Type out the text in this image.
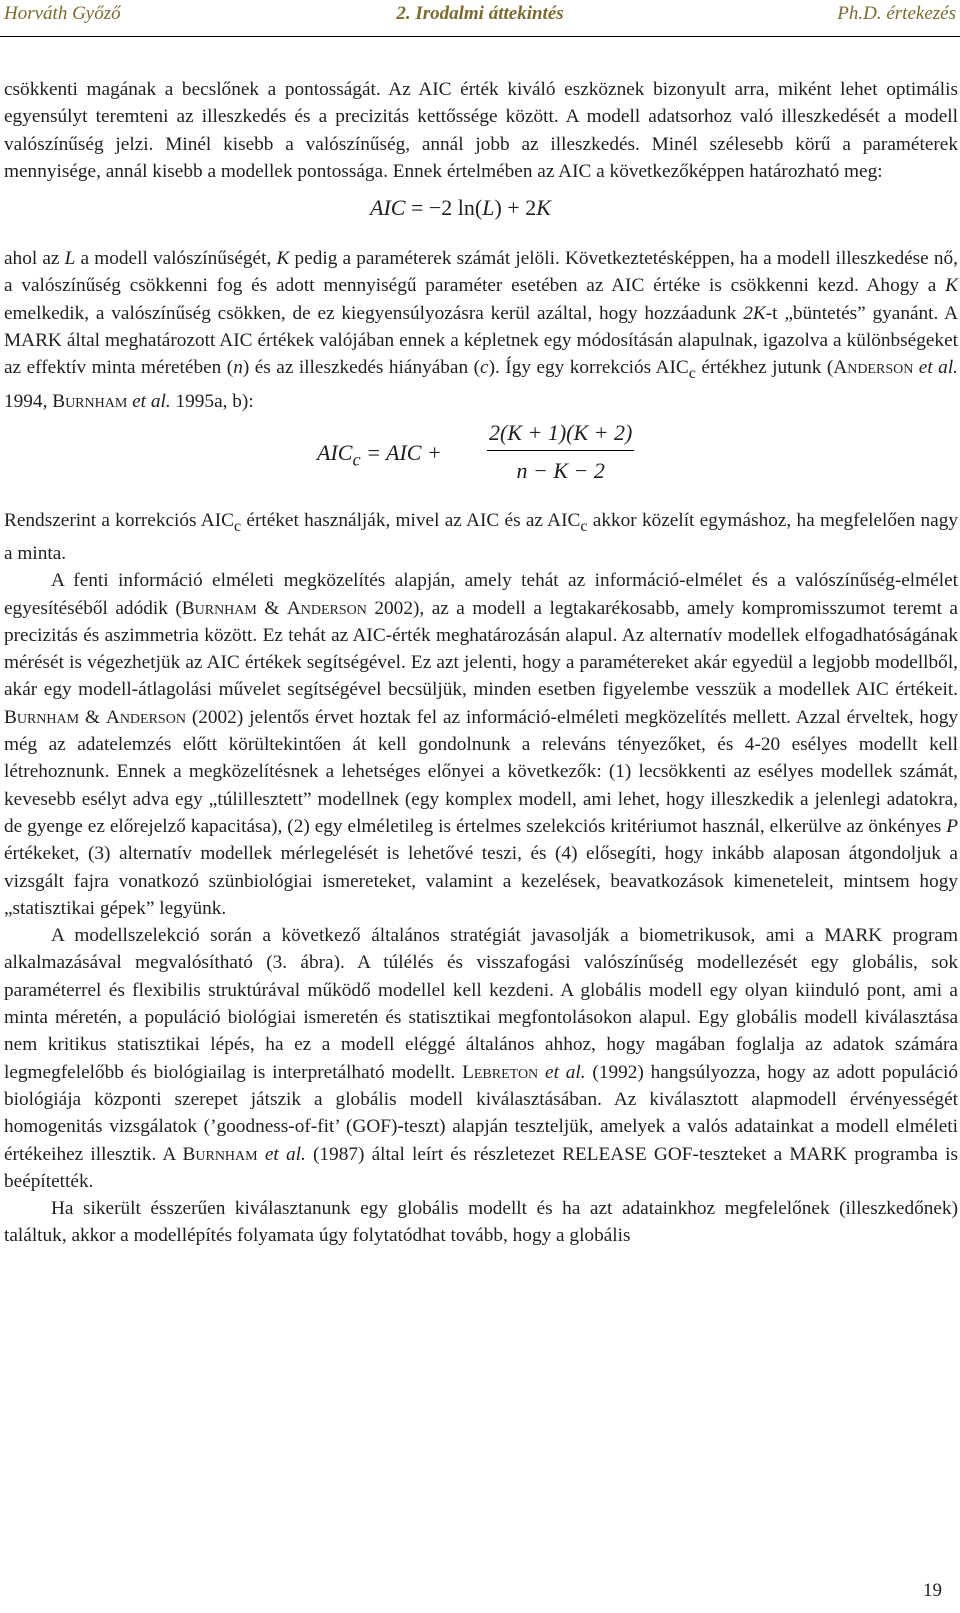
Horváth Győző	2. Irodalmi áttekintés	Ph.D. értekezés

csökkenti magának a becslőnek a pontosságát. Az AIC érték kiváló eszköznek bizonyult arra, miként lehet optimális egyensúlyt teremteni az illeszkedés és a precizitás kettőssége között. A modell adatsorhoz való illeszkedését a modell valószínűség jelzi. Minél kisebb a valószínűség, annál jobb az illeszkedés. Minél szélesebb körű a paraméterek mennyisége, annál kisebb a modellek pontossága. Ennek értelmében az AIC a következőképpen határozható meg:

AIC = −2 ln(L) + 2K

ahol az L a modell valószínűségét, K pedig a paraméterek számát jelöli. Következtetésképpen, ha a modell illeszkedése nő, a valószínűség csökkenni fog és adott mennyiségű paraméter esetében az AIC értéke is csökkenni kezd. Ahogy a K emelkedik, a valószínűség csökken, de ez kiegyensúlyozásra kerül azáltal, hogy hozzáadunk 2K-t „büntetés” gyanánt. A MARK által meghatározott AIC értékek valójában ennek a képletnek egy módosításán alapulnak, igazolva a különbségeket az effektív minta méretében (n) és az illeszkedés hiányában (c). Így egy korrekciós $AIC_c$ értékhez jutunk (Anderson et al. 1994, Burnham et al. 1995a, b):

$AIC_c$ = AIC + $\frac{2(K + 1)(K + 2)}{n - K - 2}$

Rendszerint a korrekciós $AIC_c$ értéket használják, mivel az AIC és az $AIC_c$ akkor közelít egymáshoz, ha megfelelően nagy a minta.

A fenti információ elméleti megközelítés alapján, amely tehát az információ-elmélet és a valószínűség-elmélet egyesítéséből adódik (Burnham & Anderson 2002), az a modell a legtakarékosabb, amely kompromisszumot teremt a precizitás és aszimmetria között. Ez tehát az AIC-érték meghatározásán alapul. Az alternatív modellek elfogadhatóságának mérését is végezhetjük az AIC értékek segítségével. Ez azt jelenti, hogy a paramétereket akár egyedül a legjobb modellből, akár egy modell-átlagolási művelet segítségével becsüljük, minden esetben figyelembe vesszük a modellek AIC értékeit. Burnham & Anderson (2002) jelentős érvet hoztak fel az információ-elméleti megközelítés mellett. Azzal érveltek, hogy még az adatelemzés előtt körültekintően át kell gondolnunk a releváns tényezőket, és 4-20 esélyes modellt kell létrehoznunk. Ennek a megközelítésnek a lehetséges előnyei a következők: (1) lecsökkenti az esélyes modellek számát, kevesebb esélyt adva egy „túlillesztett” modellnek (egy komplex modell, ami lehet, hogy illeszkedik a jelenlegi adatokra, de gyenge ez előrejelző kapacitása), (2) egy elméletileg is értelmes szelekciós kritériumot használ, elkerülve az önkényes P értékeket, (3) alternatív modellek mérlegelését is lehetővé teszi, és (4) elősegíti, hogy inkább alaposan átgondoljuk a vizsgált fajra vonatkozó szünbiológiai ismereteket, valamint a kezelések, beavatkozások kimeneteleit, mintsem hogy „statisztikai gépek” legyünk.

A modellszelekció során a következő általános stratégiát javasolják a biometrikusok, ami a MARK program alkalmazásával megvalósítható (3. ábra). A túlélés és visszafogási valószínűség modellezését egy globális, sok paraméterrel és flexibilis struktúrával működő modellel kell kezdeni. A globális modell egy olyan kiinduló pont, ami a minta méretén, a populáció biológiai ismeretén és statisztikai megfontolásokon alapul. Egy globális modell kiválasztása nem kritikus statisztikai lépés, ha ez a modell eléggé általános ahhoz, hogy magában foglalja az adatok számára legmegfelelőbb és biológiailag is interpretálható modellt. Lebreton et al. (1992) hangsúlyozza, hogy az adott populáció biológiája központi szerepet játszik a globális modell kiválasztásában. Az kiválasztott alapmodell érvényességét homogenitás vizsgálatok (’goodness-of-fit’ (GOF)-teszt) alapján teszteljük, amelyek a valós adatainkat a modell elméleti értékeihez illesztik. A Burnham et al. (1987) által leírt és részletezet RELEASE GOF-teszteket a MARK programba is beépítették.

Ha sikerült ésszerűen kiválasztanunk egy globális modellt és ha azt adatainkhoz megfelelőnek (illeszkedőnek) találtuk, akkor a modellépítés folyamata úgy folytatódhat tovább, hogy a globális

19
